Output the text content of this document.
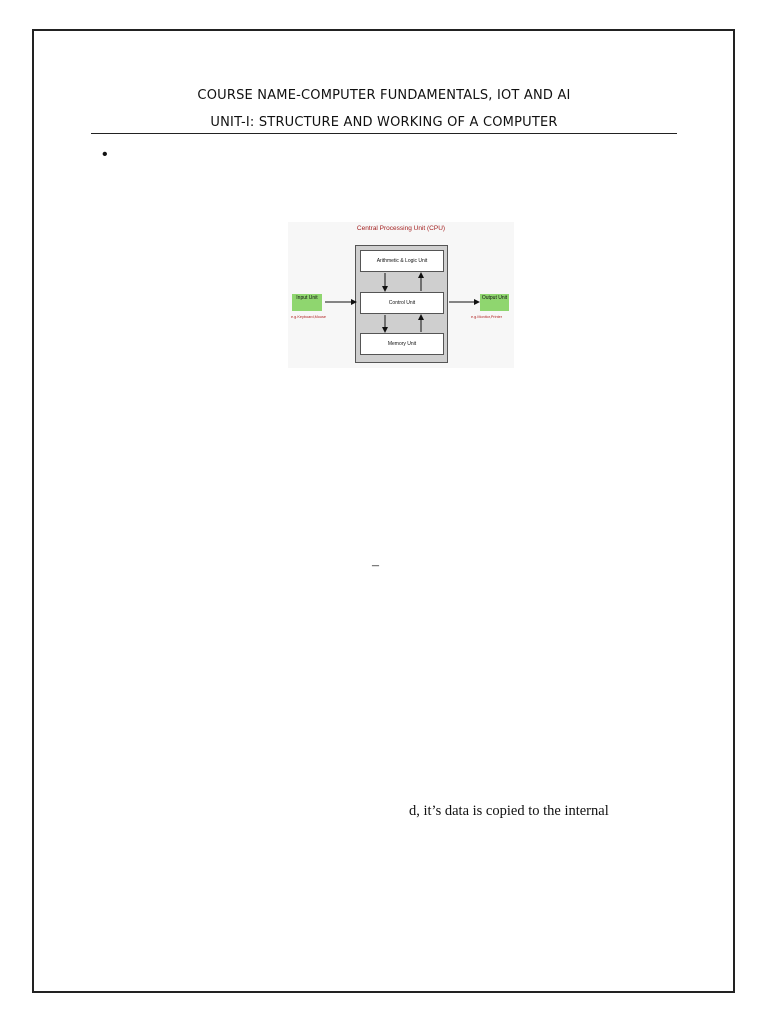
COURSE NAME-COMPUTER FUNDAMENTALS, IOT AND AI
UNIT-I: STRUCTURE AND WORKING OF A COMPUTER
•
Central Processing Unit (CPU)
Arithmetic & Logic Unit
Control Unit
Memory Unit
Input Unit	Output Unit
e.g.Keyboard,Mouse	e.g.Monitor,Printer
–
d, it’s data is copied to the internal
